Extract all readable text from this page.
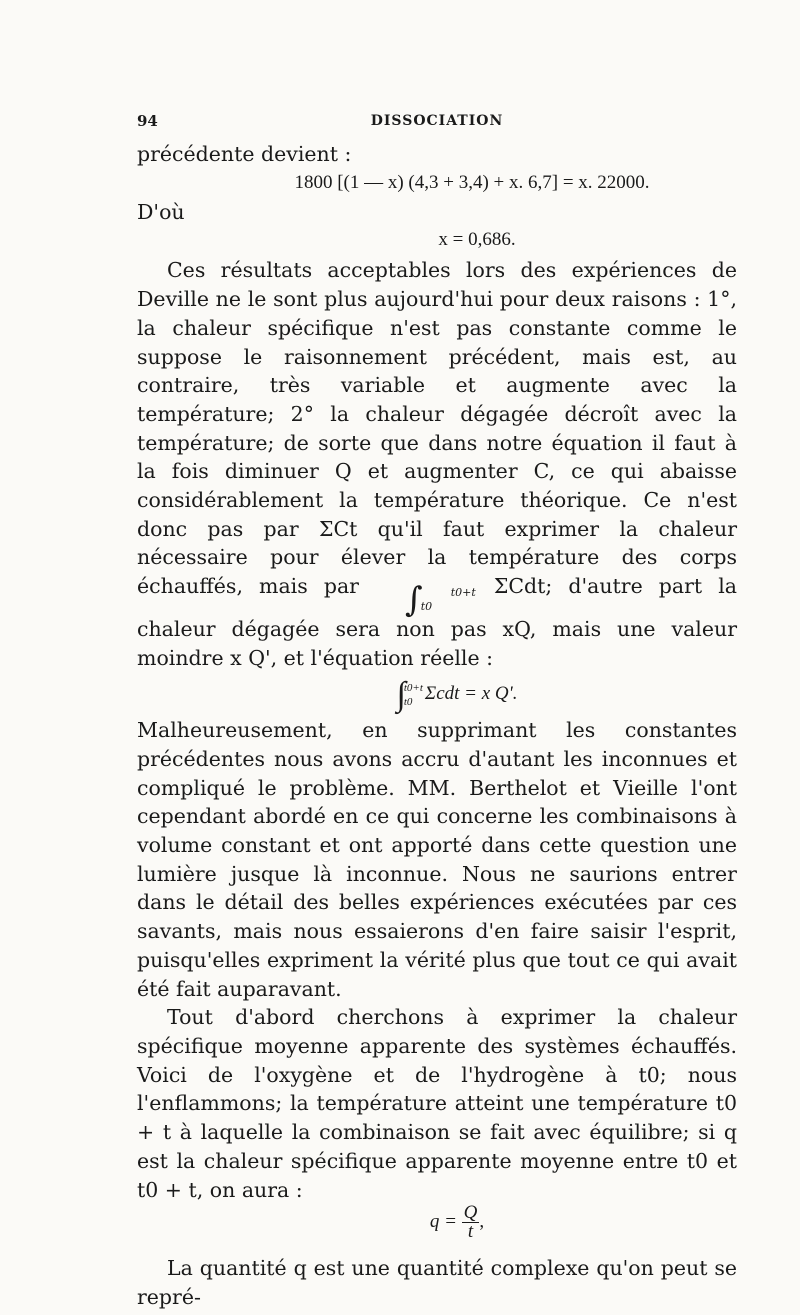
94	DISSOCIATION

précédente devient :

1800 [(1 — x) (4,3 + 3,4) + x. 6,7] = x. 22000.

D'où

x = 0,686.

Ces résultats acceptables lors des expériences de Deville ne le sont plus aujourd'hui pour deux raisons : 1°, la chaleur spécifique n'est pas constante comme le suppose le raisonnement précédent, mais est, au contraire, très variable et augmente avec la température; 2° la chaleur dégagée décroît avec la température; de sorte que dans notre équation il faut à la fois diminuer Q et augmenter C, ce qui abaisse considérablement la température théorique. Ce n'est donc pas par ΣCt qu'il faut exprimer la chaleur nécessaire pour élever la température des corps échauffés, mais par ∫	t0+t
t0 ΣCdt; d'autre part la chaleur dégagée sera non pas xQ, mais une valeur moindre x Q', et l'équation réelle :

∫t0+t
t0 Σcdt = x Q'.

Malheureusement, en supprimant les constantes précédentes nous avons accru d'autant les inconnues et compliqué le problème. MM. Berthelot et Vieille l'ont cependant abordé en ce qui concerne les combinaisons à volume constant et ont apporté dans cette question une lumière jusque là inconnue. Nous ne saurions entrer dans le détail des belles expériences exécutées par ces savants, mais nous essaierons d'en faire saisir l'esprit, puisqu'elles expriment la vérité plus que tout ce qui avait été fait auparavant.

Tout d'abord cherchons à exprimer la chaleur spécifique moyenne apparente des systèmes échauffés. Voici de l'oxygène et de l'hydrogène à t0; nous l'enflammons; la température atteint une température t0 + t à laquelle la combinaison se fait avec équilibre; si q est la chaleur spécifique apparente moyenne entre t0 et t0 + t, on aura :

$q = \frac{Q}{t}$ ,

La quantité q est une quantité complexe qu'on peut se repré-
